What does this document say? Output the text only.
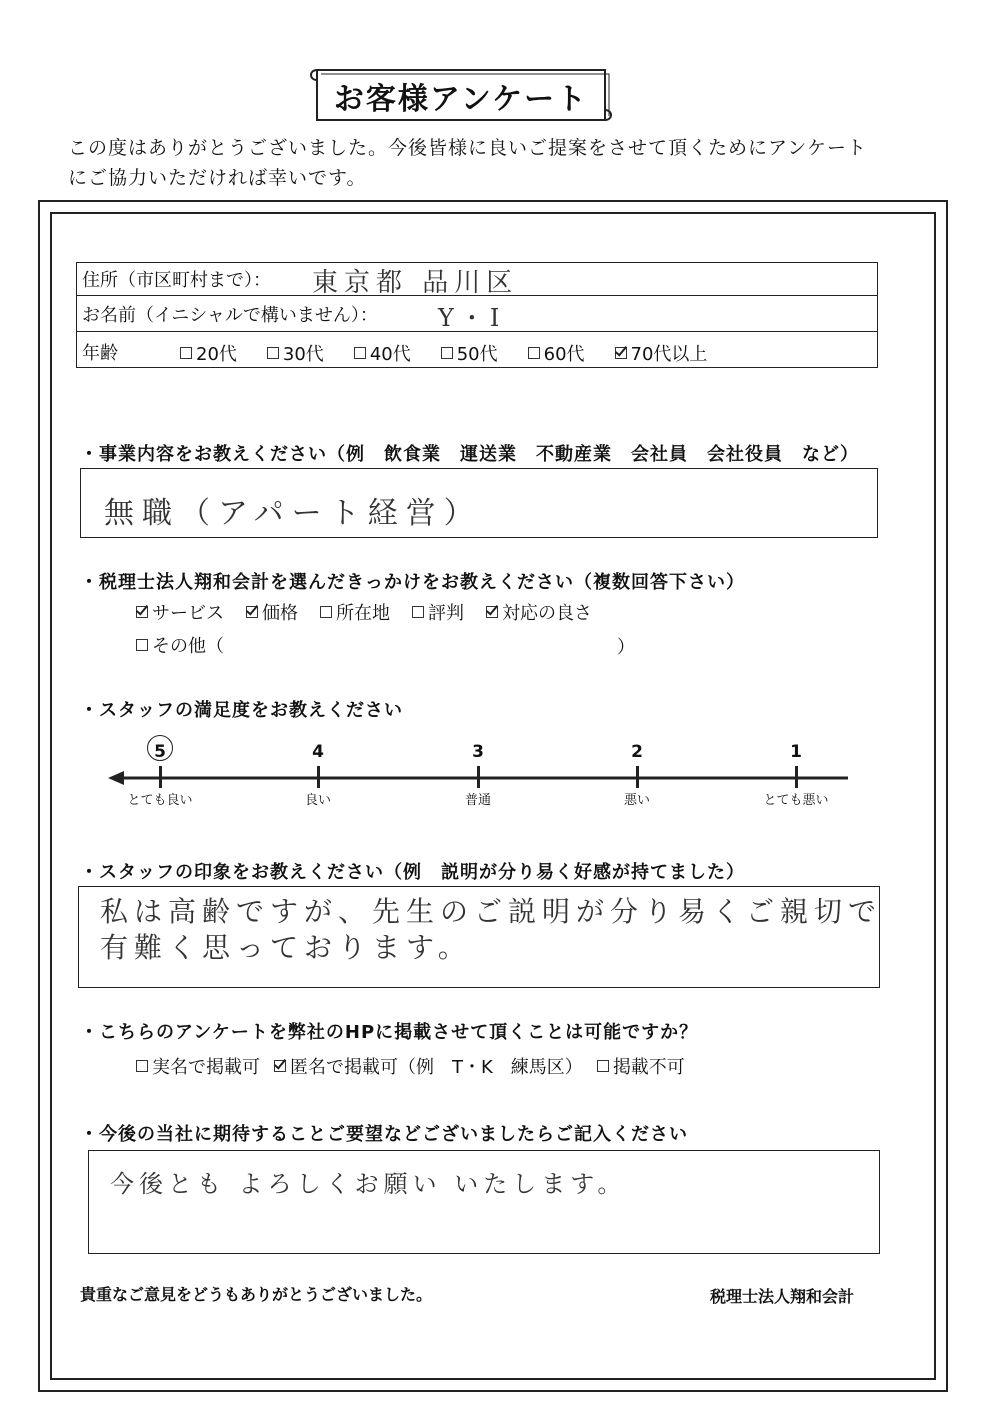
お客様アンケート
この度はありがとうございました。今後皆様に良いご提案をさせて頂くためにアンケート
にご協力いただければ幸いです。
住所（市区町村まで）： 東京都 品川区
お名前（イニシャルで構いません）：	Y・I
年齢	20代	30代	40代	50代	60代	70代以上
・事業内容をお教えください（例　飲食業　運送業　不動産業　会社員　会社役員　など）
無職（アパート経営）
・税理士法人翔和会計を選んだきっかけをお教えください（複数回答下さい）
サービス 価格 所在地 評判 対応の良さ
その他（	）
・スタッフの満足度をお教えください
5
とても良い
4
良い
3
普通
2
悪い
1
とても悪い
・スタッフの印象をお教えください（例　説明が分り易く好感が持てました）
私は高齢ですが、先生のご説明が分り易くご親切で
有難く思っております。
・こちらのアンケートを弊社のHPに掲載させて頂くことは可能ですか？
実名で掲載可 匿名で掲載可（例　T・K　練馬区） 掲載不可
・今後の当社に期待することご要望などございましたらご記入ください
今後とも よろしくお願い いたします。
貴重なご意見をどうもありがとうございました。	税理士法人翔和会計
